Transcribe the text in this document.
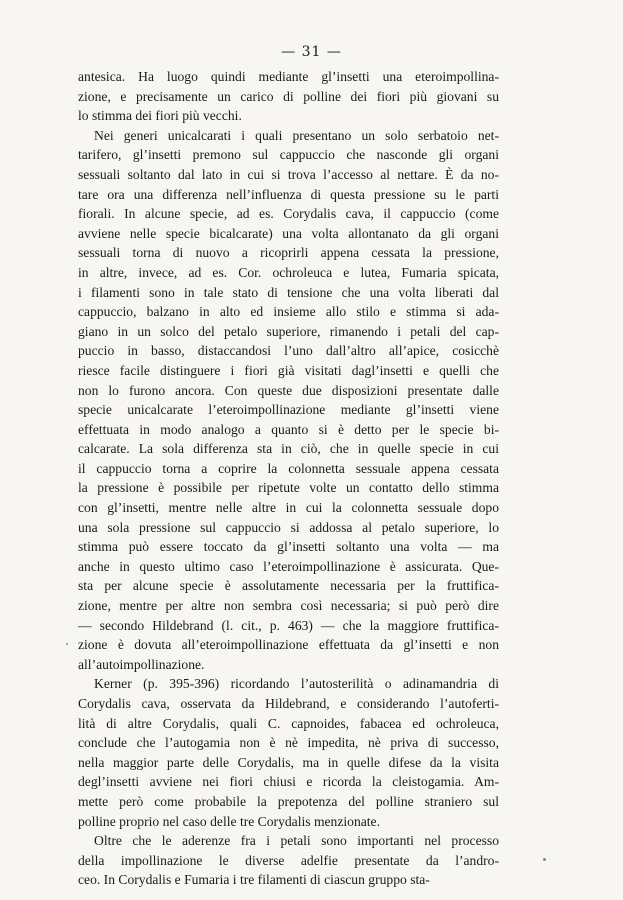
— 31 —
antesica. Ha luogo quindi mediante gl’insetti una eteroimpollina-
zione, e precisamente un carico di polline dei fiori più giovani su
lo stimma dei fiori più vecchi.
Nei generi unicalcarati i quali presentano un solo serbatoio net-
tarifero, gl’insetti premono sul cappuccio che nasconde gli organi
sessuali soltanto dal lato in cui si trova l’accesso al nettare. È da no-
tare ora una differenza nell’influenza di questa pressione su le parti
fiorali. In alcune specie, ad es. Corydalis cava, il cappuccio (come
avviene nelle specie bicalcarate) una volta allontanato da gli organi
sessuali torna di nuovo a ricoprirli appena cessata la pressione,
in altre, invece, ad es. Cor. ochroleuca e lutea, Fumaria spicata,
i filamenti sono in tale stato di tensione che una volta liberati dal
cappuccio, balzano in alto ed insieme allo stilo e stimma si ada-
giano in un solco del petalo superiore, rimanendo i petali del cap-
puccio in basso, distaccandosi l’uno dall’altro all’apice, cosicchè
riesce facile distinguere i fiori già visitati dagl’insetti e quelli che
non lo furono ancora. Con queste due disposizioni presentate dalle
specie unicalcarate l’eteroimpollinazione mediante gl’insetti viene
effettuata in modo analogo a quanto si è detto per le specie bi-
calcarate. La sola differenza sta in ciò, che in quelle specie in cui
il cappuccio torna a coprire la colonnetta sessuale appena cessata
la pressione è possibile per ripetute volte un contatto dello stimma
con gl’insetti, mentre nelle altre in cui la colonnetta sessuale dopo
una sola pressione sul cappuccio si addossa al petalo superiore, lo
stimma può essere toccato da gl’insetti soltanto una volta — ma
anche in questo ultimo caso l’eteroimpollinazione è assicurata. Que-
sta per alcune specie è assolutamente necessaria per la fruttifica-
zione, mentre per altre non sembra così necessaria; si può però dire
— secondo Hildebrand (l. cit., p. 463) — che la maggiore fruttifica-
zione è dovuta all’eteroimpollinazione effettuata da gl’insetti e non
all’autoimpollinazione.
Kerner (p. 395-396) ricordando l’autosterilità o adinamandria di
Corydalis cava, osservata da Hildebrand, e considerando l’autoferti-
lità di altre Corydalis, quali C. capnoides, fabacea ed ochroleuca,
conclude che l’autogamia non è nè impedita, nè priva di successo,
nella maggior parte delle Corydalis, ma in quelle difese da la visita
degl’insetti avviene nei fiori chiusi e ricorda la cleistogamia. Am-
mette però come probabile la prepotenza del polline straniero sul
polline proprio nel caso delle tre Corydalis menzionate.
Oltre che le aderenze fra i petali sono importanti nel processo
della impollinazione le diverse adelfie presentate da l’andro-
ceo. In Corydalis e Fumaria i tre filamenti di ciascun gruppo sta-
